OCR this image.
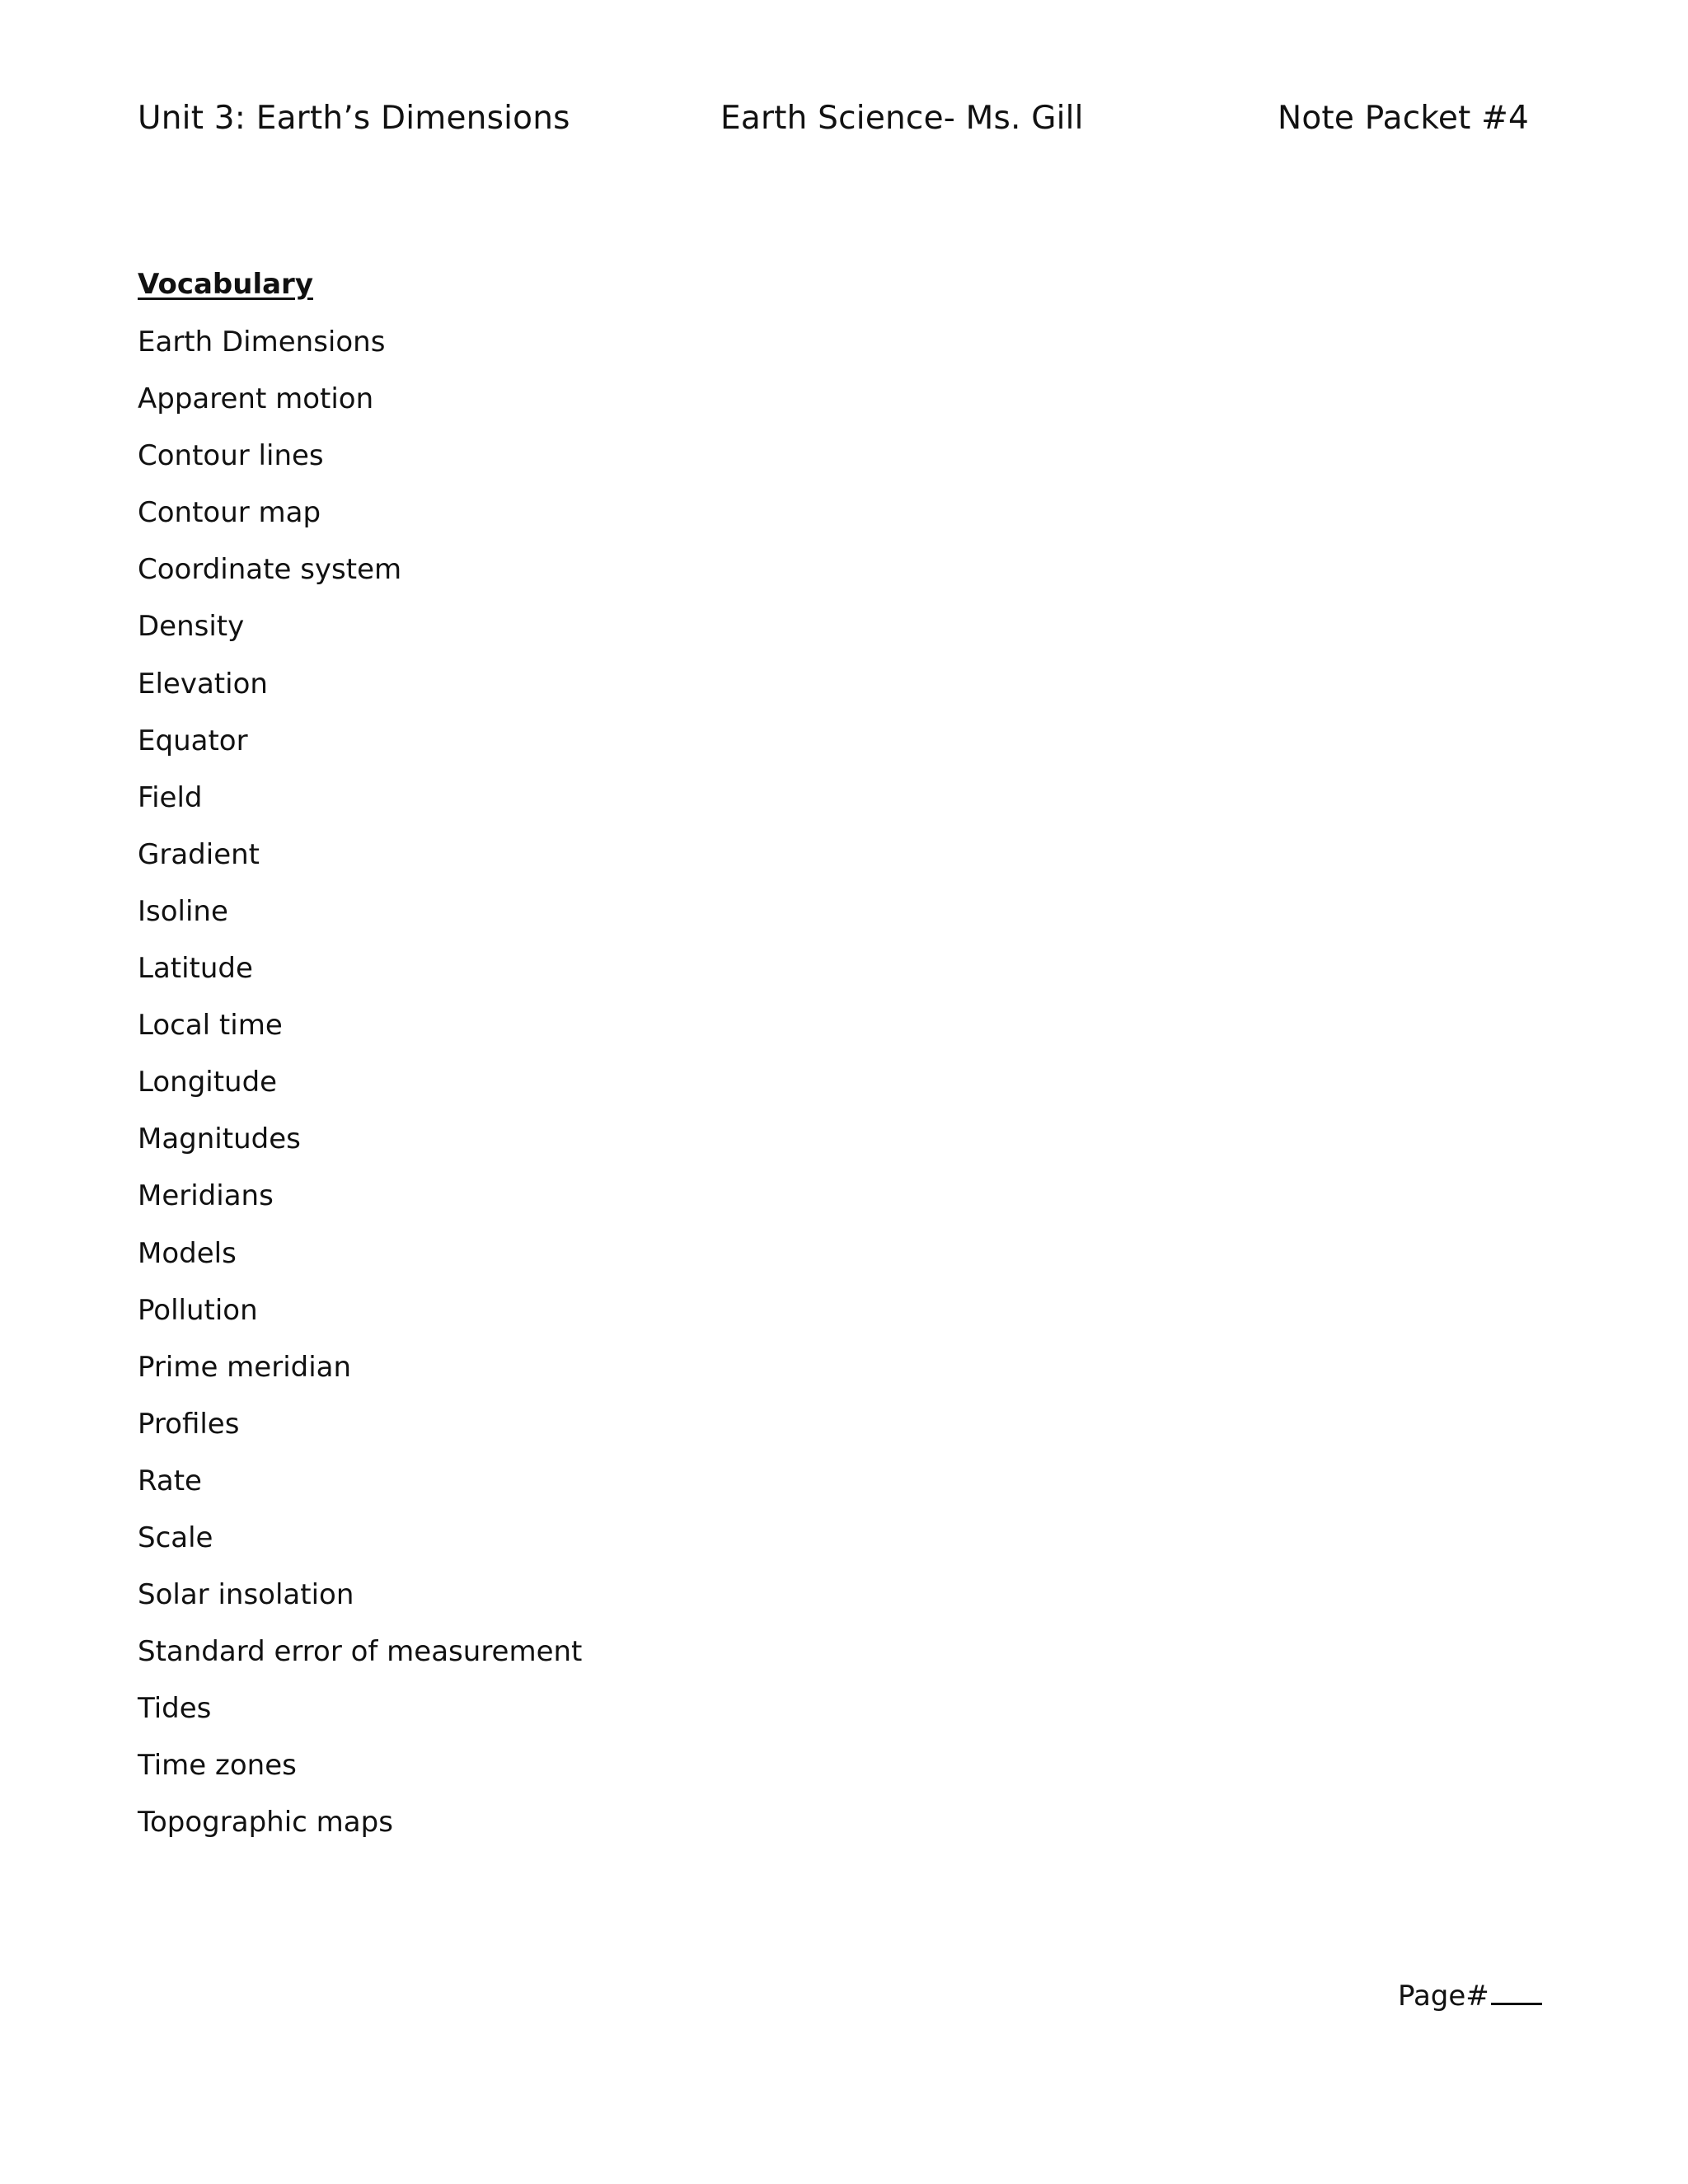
Unit 3: Earth’s Dimensions	Earth Science- Ms. Gill	Note Packet #4
Vocabulary
Earth Dimensions
Apparent motion
Contour lines
Contour map
Coordinate system
Density
Elevation
Equator
Field
Gradient
Isoline
Latitude
Local time
Longitude
Magnitudes
Meridians
Models
Pollution
Prime meridian
Profiles
Rate
Scale
Solar insolation
Standard error of measurement
Tides
Time zones
Topographic maps
Page#
